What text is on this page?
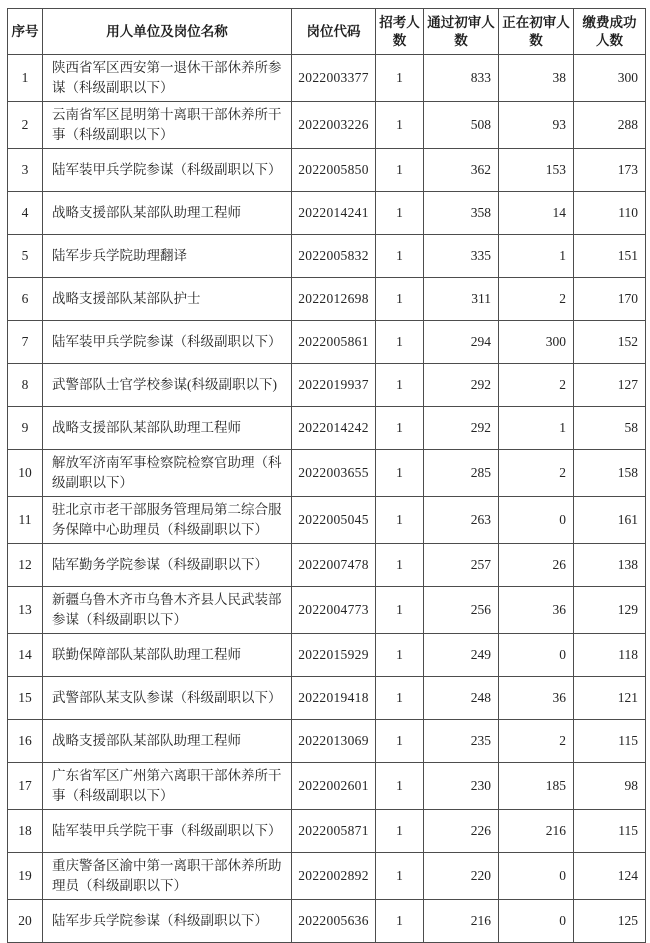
序号	用人单位及岗位名称	岗位代码	招考人数	通过初审人数	正在初审人数	缴费成功人数
1	陕西省军区西安第一退休干部休养所参谋（科级副职以下）	2022003377	1	833	38	300
2	云南省军区昆明第十离职干部休养所干事（科级副职以下）	2022003226	1	508	93	288
3	陆军装甲兵学院参谋（科级副职以下）	2022005850	1	362	153	173
4	战略支援部队某部队助理工程师	2022014241	1	358	14	110
5	陆军步兵学院助理翻译	2022005832	1	335	1	151
6	战略支援部队某部队护士	2022012698	1	311	2	170
7	陆军装甲兵学院参谋（科级副职以下）	2022005861	1	294	300	152
8	武警部队士官学校参谋(科级副职以下)	2022019937	1	292	2	127
9	战略支援部队某部队助理工程师	2022014242	1	292	1	58
10	解放军济南军事检察院检察官助理（科级副职以下）	2022003655	1	285	2	158
11	驻北京市老干部服务管理局第二综合服务保障中心助理员（科级副职以下）	2022005045	1	263	0	161
12	陆军勤务学院参谋（科级副职以下）	2022007478	1	257	26	138
13	新疆乌鲁木齐市乌鲁木齐县人民武装部参谋（科级副职以下）	2022004773	1	256	36	129
14	联勤保障部队某部队助理工程师	2022015929	1	249	0	118
15	武警部队某支队参谋（科级副职以下）	2022019418	1	248	36	121
16	战略支援部队某部队助理工程师	2022013069	1	235	2	115
17	广东省军区广州第六离职干部休养所干事（科级副职以下）	2022002601	1	230	185	98
18	陆军装甲兵学院干事（科级副职以下）	2022005871	1	226	216	115
19	重庆警备区渝中第一离职干部休养所助理员（科级副职以下）	2022002892	1	220	0	124
20	陆军步兵学院参谋（科级副职以下）	2022005636	1	216	0	125
